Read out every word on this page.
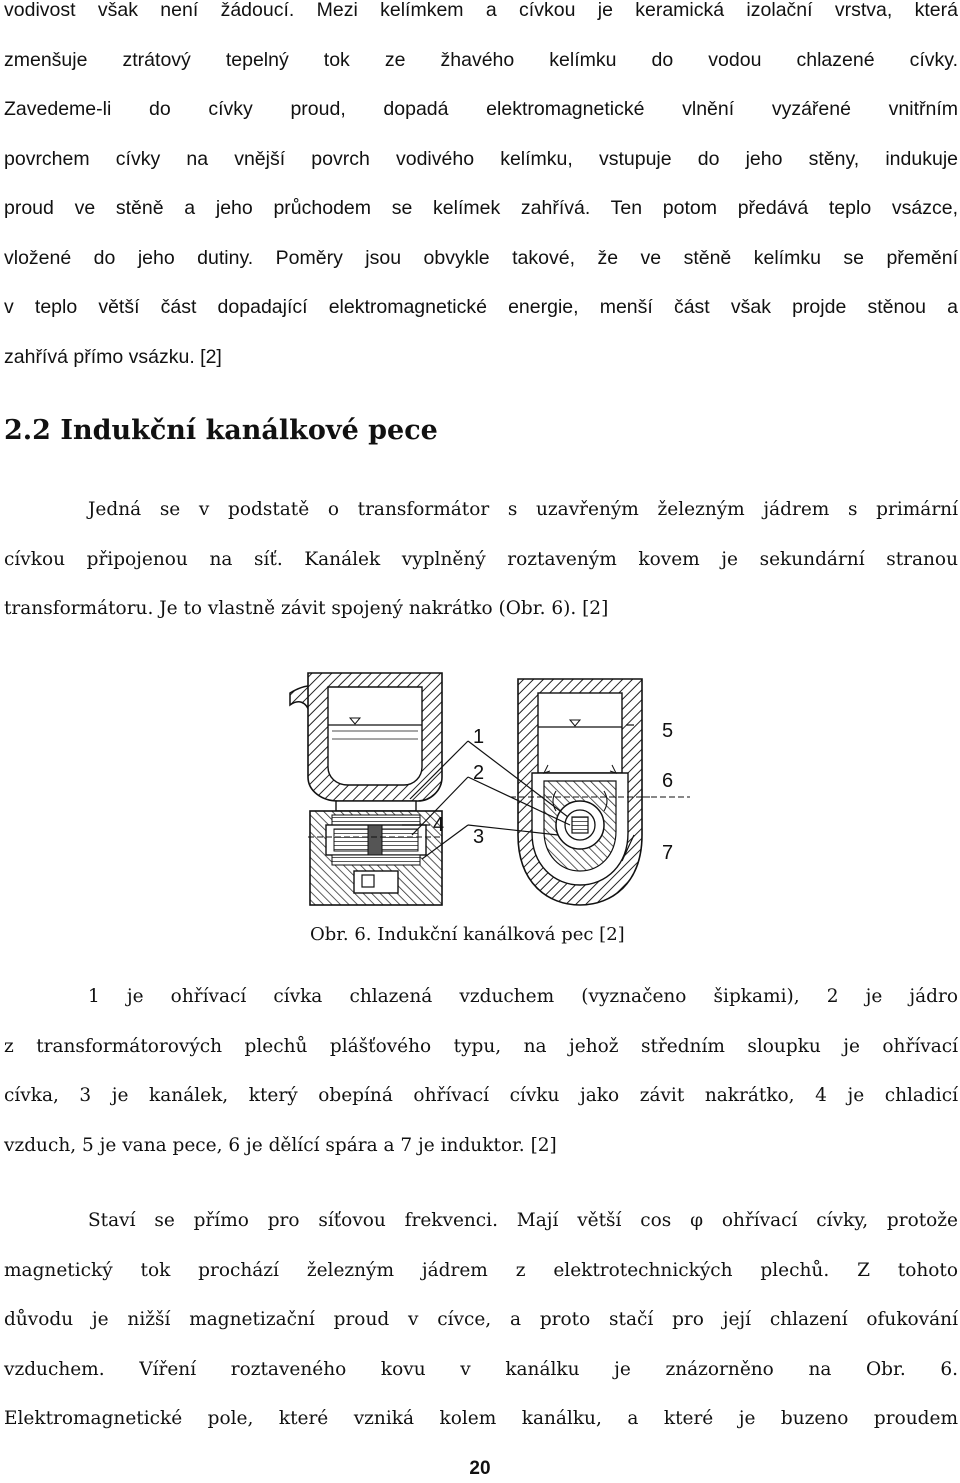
vodivost však není žádoucí. Mezi kelímkem a cívkou je keramická izolační vrstva, která
zmenšuje ztrátový tepelný tok ze žhavého kelímku do vodou chlazené cívky.
Zavedeme-li do cívky proud, dopadá elektromagnetické vlnění vyzářené vnitřním
povrchem cívky na vnější povrch vodivého kelímku, vstupuje do jeho stěny, indukuje
proud ve stěně a jeho průchodem se kelímek zahřívá. Ten potom předává teplo vsázce,
vložené do jeho dutiny. Poměry jsou obvykle takové, že ve stěně kelímku se přemění
v teplo větší část dopadající elektromagnetické energie, menší část však projde stěnou a
zahřívá přímo vsázku. [2]
2.2 Indukční kanálkové pece
Jedná se v podstatě o transformátor s uzavřeným železným jádrem s primární
cívkou připojenou na síť. Kanálek vyplněný roztaveným kovem je sekundární stranou
transformátoru. Je to vlastně závit spojený nakrátko (Obr. 6). [2]
1
2
3
4
5
6
7
Obr. 6. Indukční kanálková pec [2]
1 je ohřívací cívka chlazená vzduchem (vyznačeno šipkami), 2 je jádro
z transformátorových plechů plášťového typu, na jehož středním sloupku je ohřívací
cívka, 3 je kanálek, který obepíná ohřívací cívku jako závit nakrátko, 4 je chladicí
vzduch, 5 je vana pece, 6 je dělící spára a 7 je induktor. [2]
Staví se přímo pro síťovou frekvenci. Mají větší cos φ ohřívací cívky, protože
magnetický tok prochází železným jádrem z elektrotechnických plechů. Z tohoto
důvodu je nižší magnetizační proud v cívce, a proto stačí pro její chlazení ofukování
vzduchem. Víření roztaveného kovu v kanálku je znázorněno na Obr. 6.
Elektromagnetické pole, které vzniká kolem kanálku, a které je buzeno proudem
20
